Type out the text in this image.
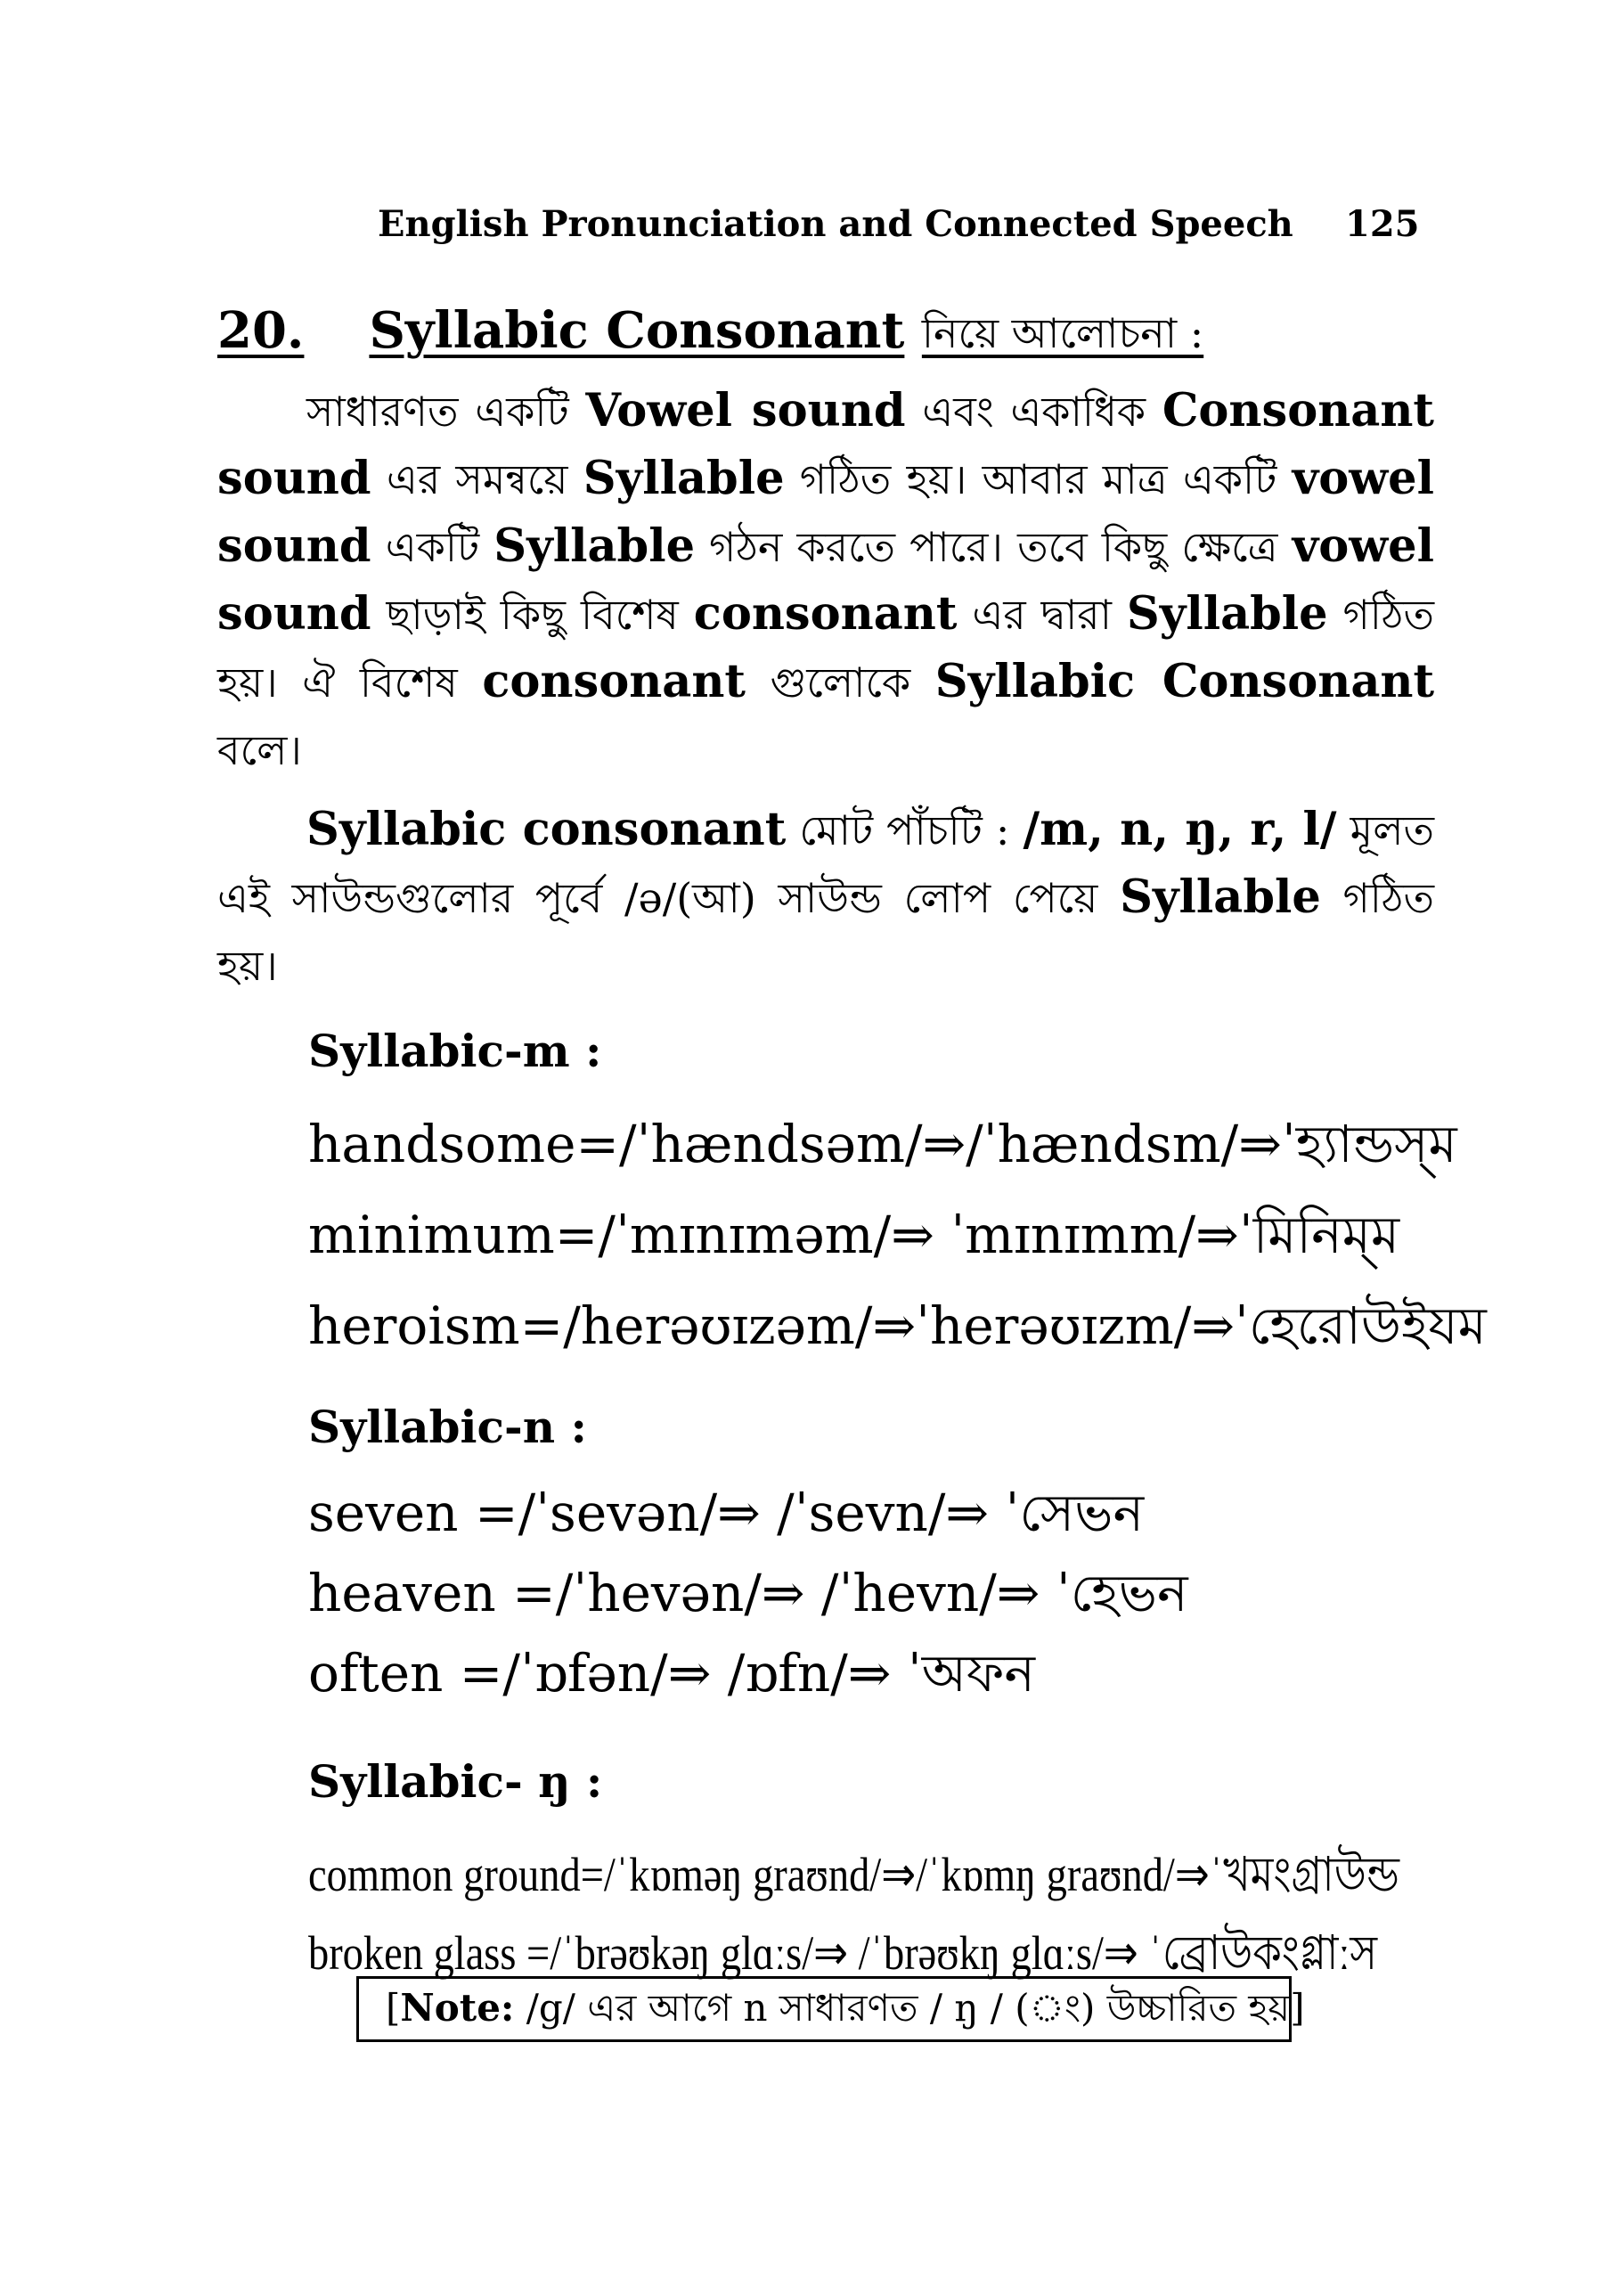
English Pronunciation and Connected Speech 125
20. Syllabic Consonant নিয়ে আলোচনা :
সাধারণত একটি Vowel sound এবং একাধিক Consonant sound এর সমন্বয়ে Syllable গঠিত হয়। আবার মাত্র একটি vowel sound একটি Syllable গঠন করতে পারে। তবে কিছু ক্ষেত্রে vowel sound ছাড়াই কিছু বিশেষ consonant এর দ্বারা Syllable গঠিত হয়। ঐ বিশেষ consonant গুলোকে Syllabic Consonant বলে।
Syllabic consonant মোট পাঁচটি : /m, n, ŋ, r, l/ মূলত এই সাউন্ডগুলোর পূর্বে /ə/(আ) সাউন্ড লোপ পেয়ে Syllable গঠিত হয়।
Syllabic-m :
handsome=/ˈhændsəm/⇒/ˈhændsm/⇒ˈহ্যান্ডস্‌ম
minimum=/ˈmɪnɪməm/⇒ ˈmɪnɪmm/⇒ˈমিনিম্‌ম
heroism=/herəʊɪzəm/⇒ˈherəʊɪzm/⇒ˈহেরোউইযম
Syllabic-n :
seven =/ˈsevən/⇒ /ˈsevn/⇒ ˈসেভন
heaven =/ˈhevən/⇒ /ˈhevn/⇒ ˈহেভন
often =/ˈɒfən/⇒ /ɒfn/⇒ ˈঅফন
Syllabic- ŋ :
common ground=/ˈkɒməŋ graʊnd/⇒/ˈkɒmŋ graʊnd/⇒ˈখমংগ্রাউন্ড
broken glass =/ˈbrəʊkəŋ glɑːs/⇒ /ˈbrəʊkŋ glɑːs/⇒ ˈব্রোউকংগ্লাːস
[Note: /g/ এর আগে n সাধারণত / ŋ / (ং) উচ্চারিত হয়]
